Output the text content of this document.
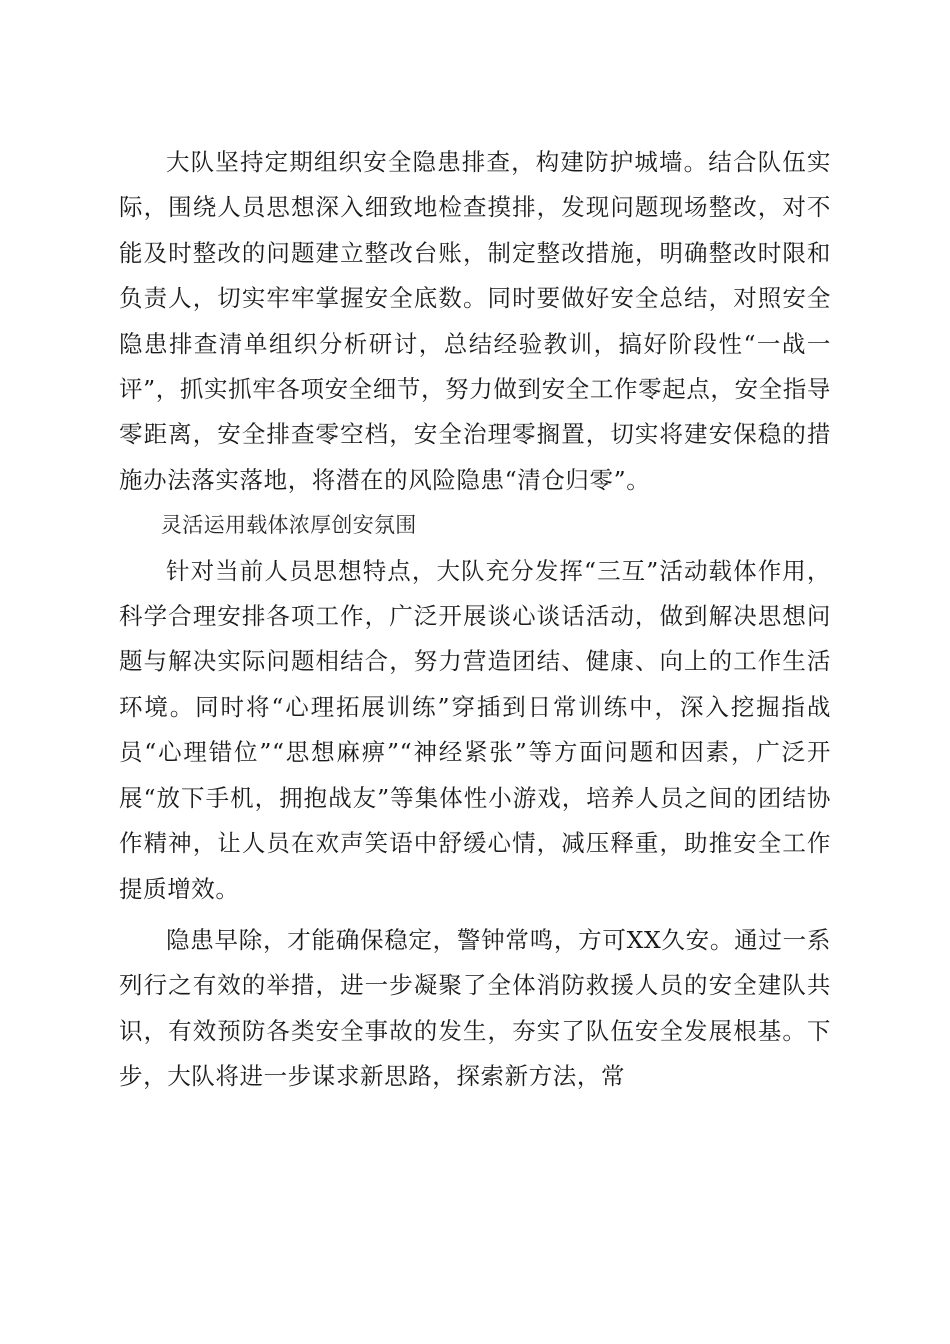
大队坚持定期组织安全隐患排查，构建防护城墙。结合队伍实际，围绕人员思想深入细致地检查摸排，发现问题现场整改，对不能及时整改的问题建立整改台账，制定整改措施，明确整改时限和负责人，切实牢牢掌握安全底数。同时要做好安全总结，对照安全隐患排查清单组织分析研讨，总结经验教训，搞好阶段性“一战一评”，抓实抓牢各项安全细节，努力做到安全工作零起点，安全指导零距离，安全排查零空档，安全治理零搁置，切实将建安保稳的措施办法落实落地，将潜在的风险隐患“清仓归零”。

灵活运用载体浓厚创安氛围

针对当前人员思想特点，大队充分发挥“三互”活动载体作用，科学合理安排各项工作，广泛开展谈心谈话活动，做到解决思想问题与解决实际问题相结合，努力营造团结、健康、向上的工作生活环境。同时将“心理拓展训练”穿插到日常训练中，深入挖掘指战员“心理错位”“思想麻痹”“神经紧张”等方面问题和因素，广泛开展“放下手机，拥抱战友”等集体性小游戏，培养人员之间的团结协作精神，让人员在欢声笑语中舒缓心情，减压释重，助推安全工作提质增效。

隐患早除，才能确保稳定，警钟常鸣，方可XX久安。通过一系列行之有效的举措，进一步凝聚了全体消防救援人员的安全建队共识，有效预防各类安全事故的发生，夯实了队伍安全发展根基。下步，大队将进一步谋求新思路，探索新方法，常
